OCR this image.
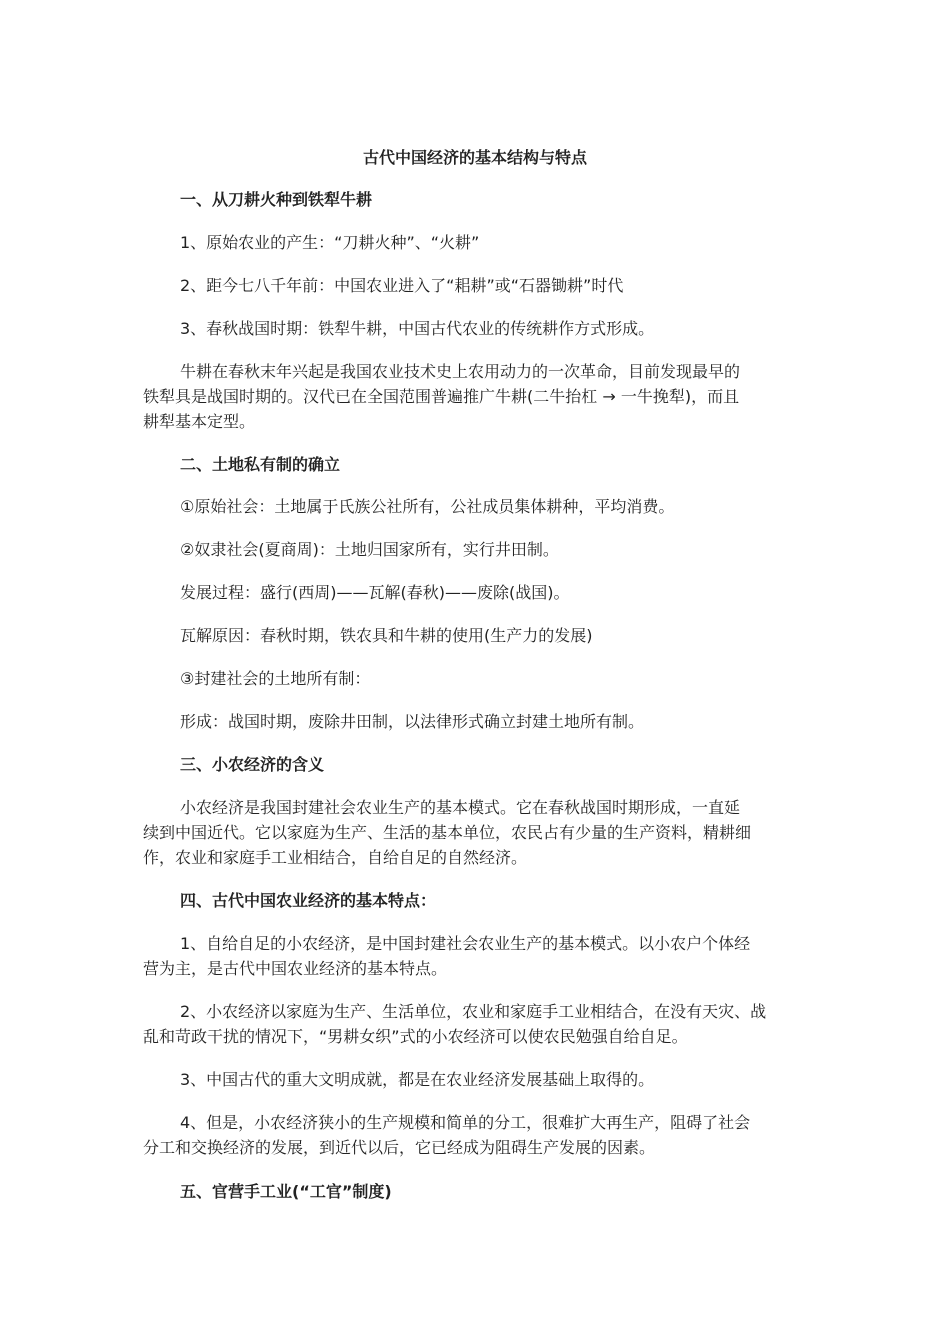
古代中国经济的基本结构与特点
一、从刀耕火种到铁犁牛耕
1、原始农业的产生：“刀耕火种”、“火耕”
2、距今七八千年前：中国农业进入了“耜耕”或“石器锄耕”时代
3、春秋战国时期：铁犁牛耕，中国古代农业的传统耕作方式形成。
牛耕在春秋末年兴起是我国农业技术史上农用动力的一次革命，目前发现最早的
铁犁具是战国时期的。汉代已在全国范围普遍推广牛耕(二牛抬杠 → 一牛挽犁)，而且
耕犁基本定型。
二、土地私有制的确立
①原始社会：土地属于氏族公社所有，公社成员集体耕种，平均消费。
②奴隶社会(夏商周)：土地归国家所有，实行井田制。
发展过程：盛行(西周)——瓦解(春秋)——废除(战国)。
瓦解原因：春秋时期，铁农具和牛耕的使用(生产力的发展)
③封建社会的土地所有制：
形成：战国时期，废除井田制，以法律形式确立封建土地所有制。
三、小农经济的含义
小农经济是我国封建社会农业生产的基本模式。它在春秋战国时期形成，一直延
续到中国近代。它以家庭为生产、生活的基本单位，农民占有少量的生产资料，精耕细
作，农业和家庭手工业相结合，自给自足的自然经济。
四、古代中国农业经济的基本特点：
1、自给自足的小农经济，是中国封建社会农业生产的基本模式。以小农户个体经
营为主，是古代中国农业经济的基本特点。
2、小农经济以家庭为生产、生活单位，农业和家庭手工业相结合，在没有天灾、战
乱和苛政干扰的情况下，“男耕女织”式的小农经济可以使农民勉强自给自足。
3、中国古代的重大文明成就，都是在农业经济发展基础上取得的。
4、但是，小农经济狭小的生产规模和简单的分工，很难扩大再生产，阻碍了社会
分工和交换经济的发展，到近代以后，它已经成为阻碍生产发展的因素。
五、官营手工业(“工官”制度)
